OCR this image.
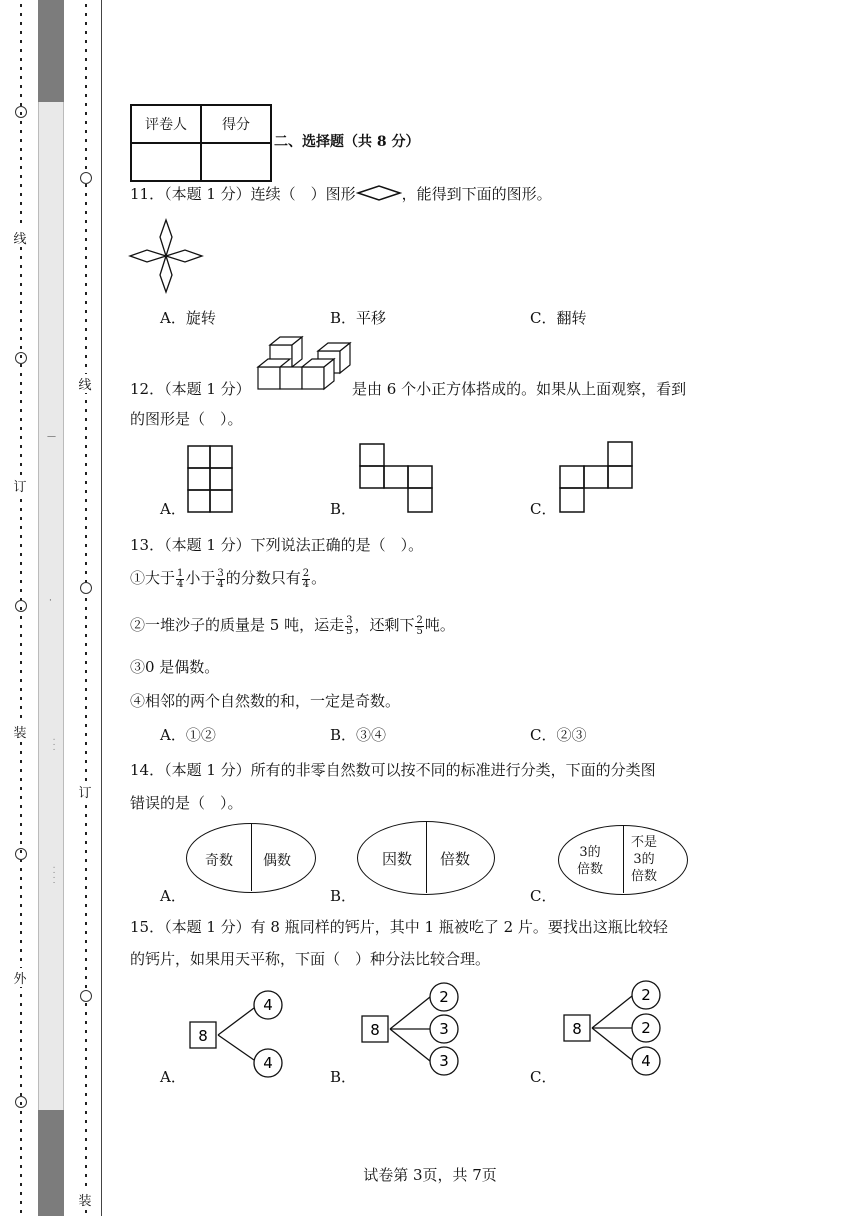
线
订
装
外
—
·
· · ·
· · · ·
线
订
装
评卷人	得分

二、选择题（共 8 分）
11．（本题 1 分）连续（　）图形	，能得到下面的图形。
A．旋转	B．平移	C．翻转
12．（本题 1 分）	是由 6 个小正方体搭成的。如果从上面观察，看到
的图形是（　）。
A．	B．	C．
13．（本题 1 分）下列说法正确的是（　）。
①大于 $\frac{1}{4}$ 小于 $\frac{3}{4}$ 的分数只有 $\frac{2}{4}$ 。
②一堆沙子的质量是 5 吨，运走 $\frac{3}{5}$ ，还剩下 $\frac{2}{5}$ 吨。
③0 是偶数。
④相邻的两个自然数的和，一定是奇数。
A．①②	B．③④	C．②③
14．（本题 1 分）所有的非零自然数可以按不同的标准进行分类，下面的分类图
错误的是（　）。
A．
奇数 偶数
B．
因数 倍数
C．
3的
倍数
不是
3的
倍数
15．（本题 1 分）有 8 瓶同样的钙片，其中 1 瓶被吃了 2 片。要找出这瓶比较轻
的钙片，如果用天平称，下面（　）种分法比较合理。
A．
8
4
4
B．
8
2
3
3
C．
8
2
2
4
试卷第 3页，共 7页
